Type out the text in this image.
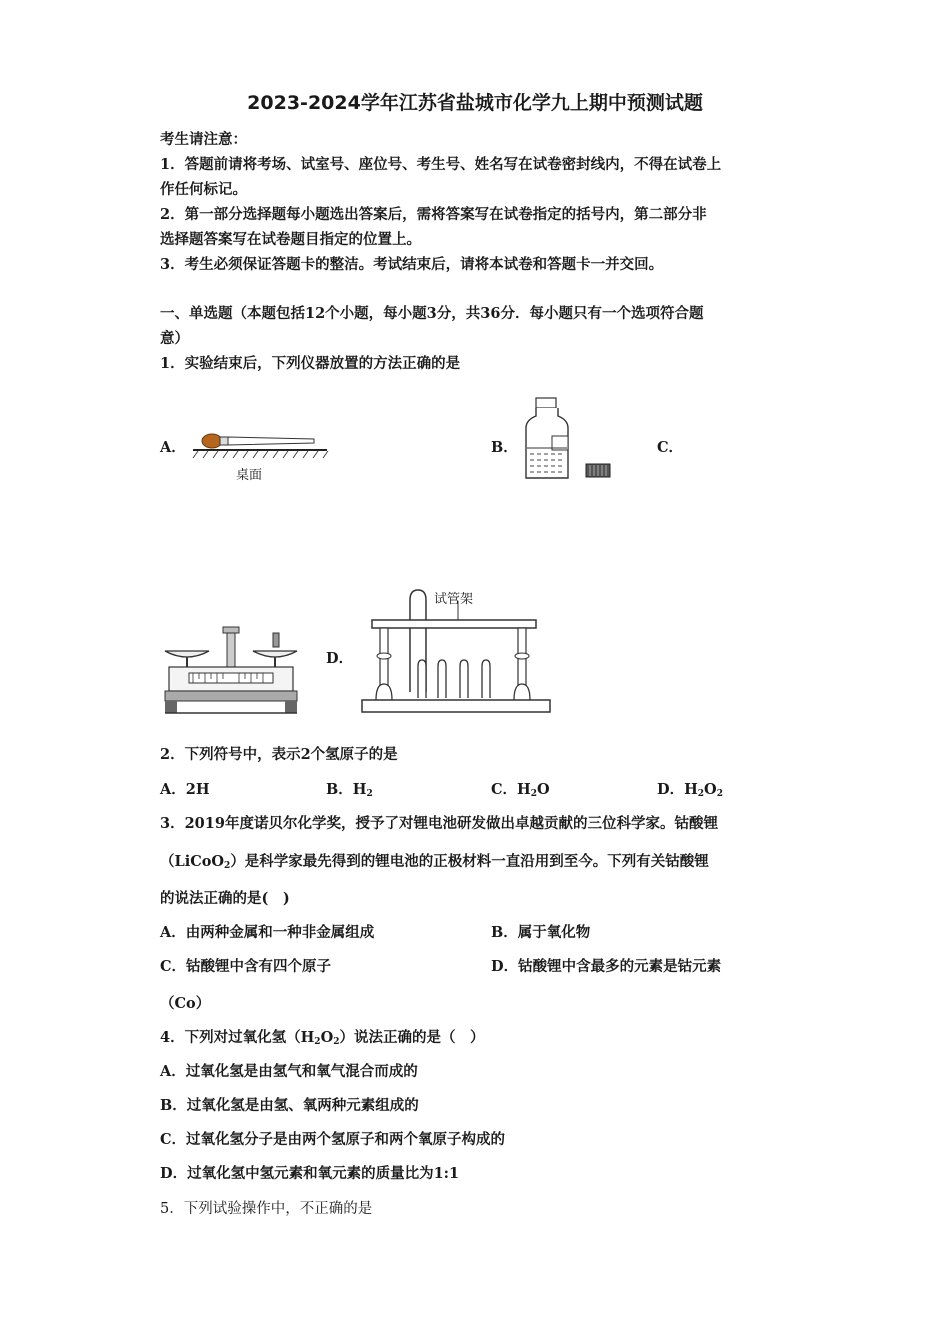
2023-2024学年江苏省盐城市化学九上期中预测试题
考生请注意：
1．答题前请将考场、试室号、座位号、考生号、姓名写在试卷密封线内，不得在试卷上
作任何标记。
2．第一部分选择题每小题选出答案后，需将答案写在试卷指定的括号内，第二部分非
选择题答案写在试卷题目指定的位置上。
3．考生必须保证答题卡的整洁。考试结束后，请将本试卷和答题卡一并交回。
一、单选题（本题包括12个小题，每小题3分，共36分．每小题只有一个选项符合题
意）
1．实验结束后，下列仪器放置的方法正确的是
A．	B．	C．
D．
桌面
试管架
2．下列符号中，表示2个氢原子的是
A．2H	B．$H_2$	C．$H_2O$	D．$H_2O_2$
3．2019年度诺贝尔化学奖，授予了对锂电池研发做出卓越贡献的三位科学家。钴酸锂
（LiCoO$_2$）是科学家最先得到的锂电池的正极材料一直沿用到至今。下列有关钴酸锂
的说法正确的是(　)
A．由两种金属和一种非金属组成	B．属于氧化物
C．钴酸锂中含有四个原子	D．钴酸锂中含最多的元素是钴元素
（Co）
4．下列对过氧化氢$(H_2O_2)$说法正确的是（　）
A．过氧化氢是由氢气和氧气混合而成的
B．过氧化氢是由氢、氧两种元素组成的
C．过氧化氢分子是由两个氢原子和两个氧原子构成的
D．过氧化氢中氢元素和氧元素的质量比为1:1
5．下列试验操作中，不正确的是
